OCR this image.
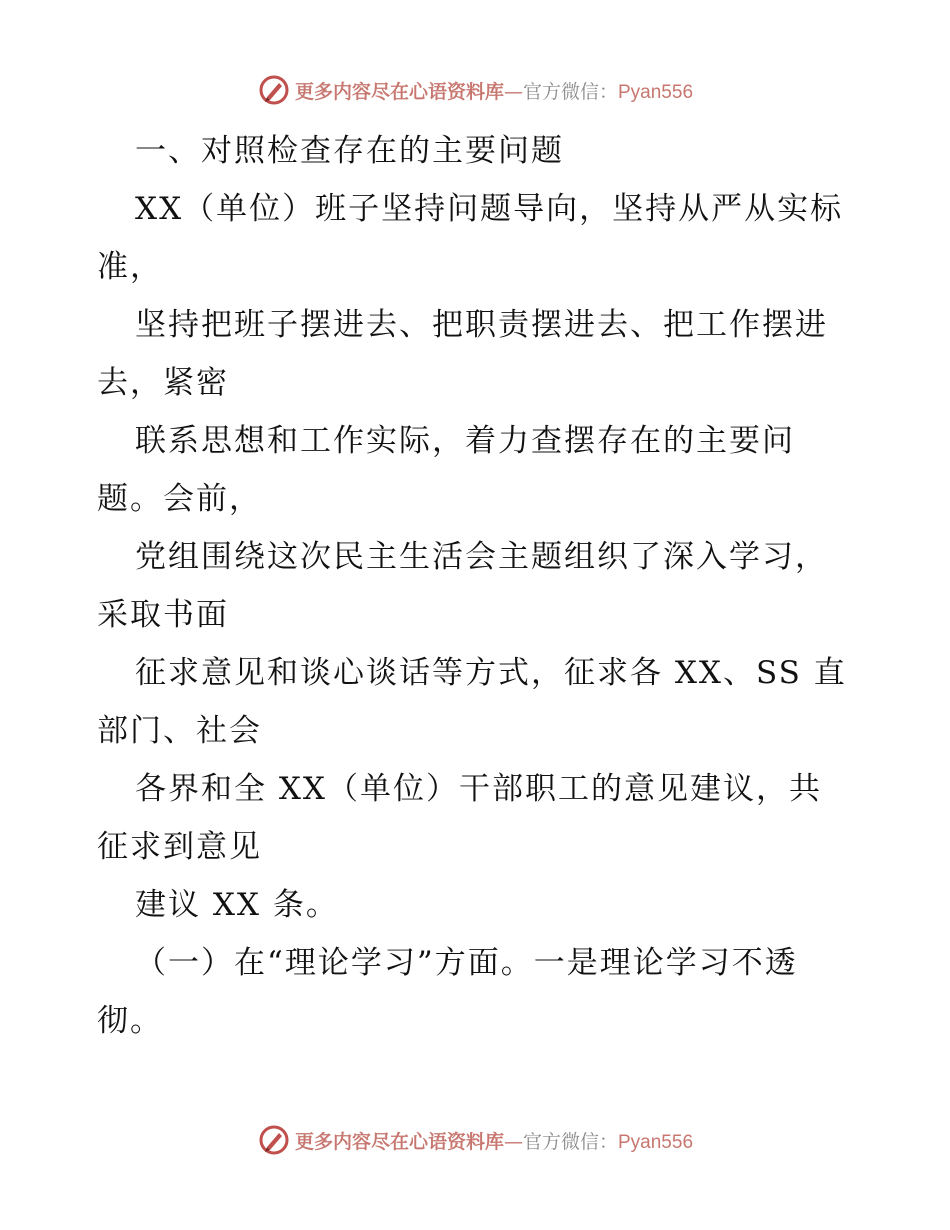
更多内容尽在心语资料库—官方微信：Pyan556
一、对照检查存在的主要问题
XX（单位）班子坚持问题导向，坚持从严从实标
准，
坚持把班子摆进去、把职责摆进去、把工作摆进
去，紧密
联系思想和工作实际，着力查摆存在的主要问
题。会前，
党组围绕这次民主生活会主题组织了深入学习，
采取书面
征求意见和谈心谈话等方式，征求各 XX、SS 直
部门、社会
各界和全 XX（单位）干部职工的意见建议，共
征求到意见
建议 XX 条。
（一）在“理论学习”方面。一是理论学习不透
彻。
更多内容尽在心语资料库—官方微信：Pyan556
